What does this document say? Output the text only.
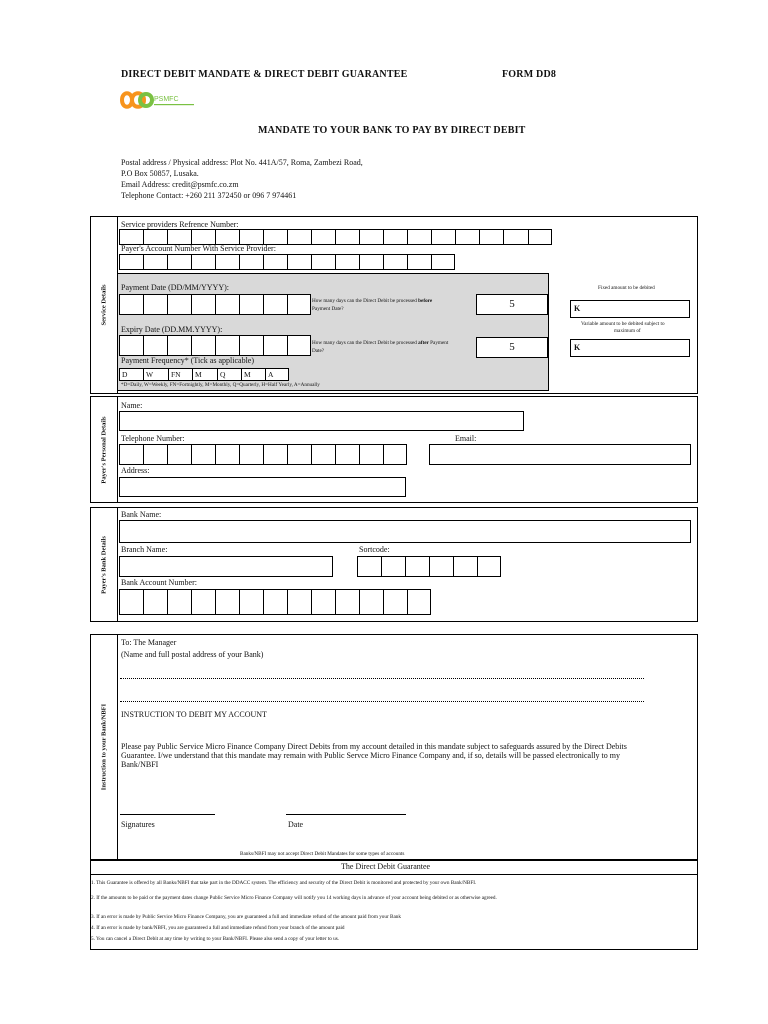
DIRECT DEBIT MANDATE & DIRECT DEBIT GUARANTEE	FORM DD8
PSMFC
MANDATE TO YOUR BANK TO PAY BY DIRECT DEBIT
Postal address / Physical address: Plot No. 441A/57, Roma, Zambezi Road,
P.O Box 50857, Lusaka.
Email Address: credit@psmfc.co.zm
Telephone Contact: +260 211 372450 or 096 7 974461
Service Details
Service providers Refrence Number:
Payer's Account Number With Service Provider:
Payment Date (DD/MM/YYYY):
How many days can the Direct Debit be processed before
Payment Date?	5
Expiry Date (DD.MM.YYYY):
How many days can the Direct Debit be processed after Payment
Date?	5
Payment Frequency* (Tick as applicable)
D	W	FN	M	Q	M	A
*D=Daily, W=Weekly, FN=Fortnightly, M=Monthly, Q=Quarterly, H=Half Yearly, A=Annually
Fixed amount to be debited
K
Variable amount to be debited subject to
maximum of
K
Payer's Personal Details
Name:
Telephone Number:	Email:
Address:
Payer's Bank Details
Bank Name:
Branch Name:	Sortcode:
Bank Account Number:
Instruction to your Bank/NBFI
To: The Manager
(Name and full postal address of your Bank)
INSTRUCTION TO DEBIT MY ACCOUNT
Please pay Public Service Micro Finance Company Direct Debits from my account detailed in this mandate subject to safeguards assured by the Direct Debits
Guarantee. I/we understand that this mandate may remain with Public Servce Micro Finance Company and, if so, details will be passed electronically to my
Bank/NBFI
Signatures	Date
Banks/NBFI may not accept Direct Debit Mandates for some types of accounts
The Direct Debit Guarantee
1. This Guarantee is offered by all Banks/NBFI that take part in the DDACC system. The efficiency and security of the Direct Debit is monitored and protected by your own Bank/NBFI.
2. If the amounts to be paid or the payment dates change Public Service Micro Finance Company will notify you 14 working days in advance of your account being debited or as otherwise agreed.
3. If an error is made by Public Service Micro Finance Company, you are guaranteed a full and immediate refund of the amount paid from your Bank
4. If an error is made by bank/NBFI, you are guaranteed a full and immediate refund from your branch of the amount paid
5. You can cancel a Direct Debit at any time by writing to your Bank/NBFI. Please also send a copy of your letter to us.
